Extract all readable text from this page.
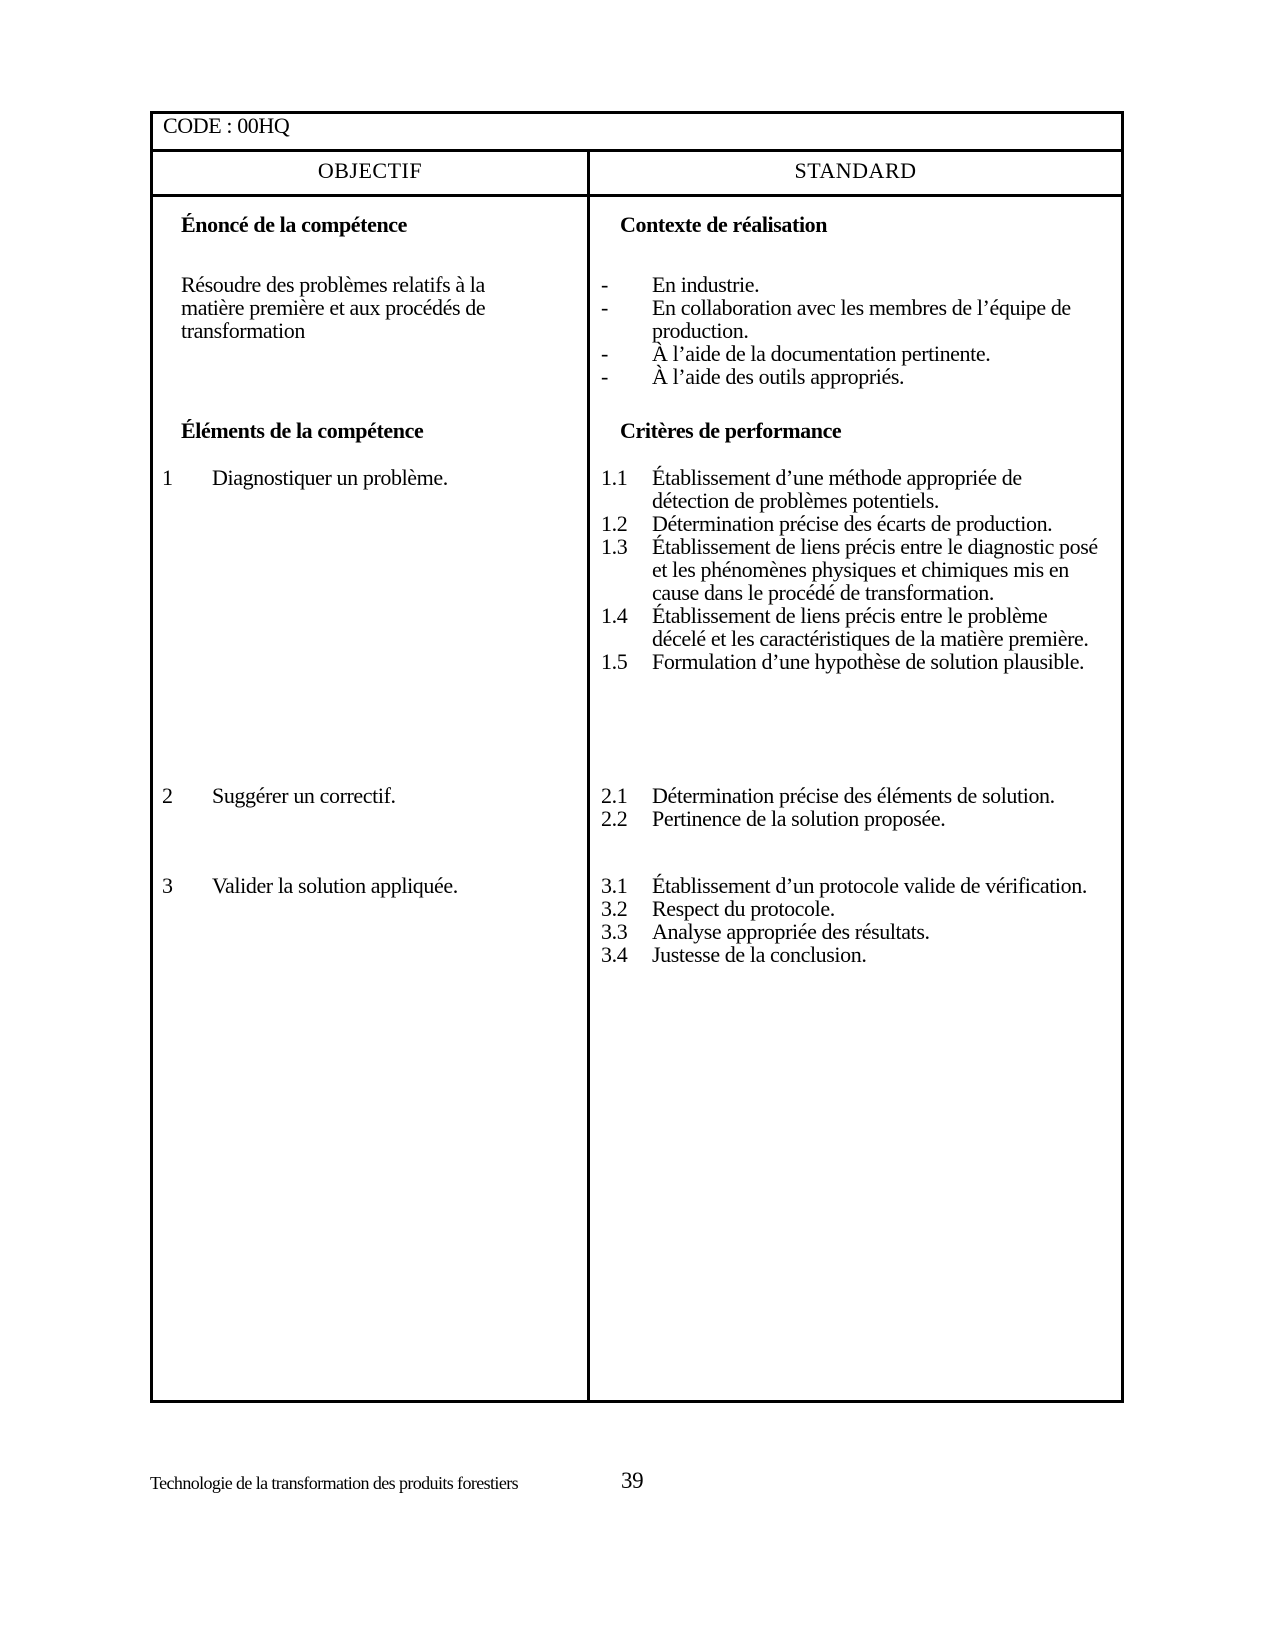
CODE : 00HQ
OBJECTIF	STANDARD
Énoncé de la compétence
Résoudre des problèmes relatifs à la matière première et aux procédés de transformation
Éléments de la compétence
1 Diagnostiquer un problème.
2 Suggérer un correctif.
3 Valider la solution appliquée.
Contexte de réalisation
- En industrie.
- En collaboration avec les membres de l’équipe de production.
- À l’aide de la documentation pertinente.
- À l’aide des outils appropriés.
Critères de performance
1.1 Établissement d’une méthode appropriée de détection de problèmes potentiels.
1.2 Détermination précise des écarts de production.
1.3 Établissement de liens précis entre le diagnostic posé et les phénomènes physiques et chimiques mis en cause dans le procédé de transformation.
1.4 Établissement de liens précis entre le problème décelé et les caractéristiques de la matière première.
1.5 Formulation d’une hypothèse de solution plausible.
2.1 Détermination précise des éléments de solution.
2.2 Pertinence de la solution proposée.
3.1 Établissement d’un protocole valide de vérification.
3.2 Respect du protocole.
3.3 Analyse appropriée des résultats.
3.4 Justesse de la conclusion.
Technologie de la transformation des produits forestiers	39
